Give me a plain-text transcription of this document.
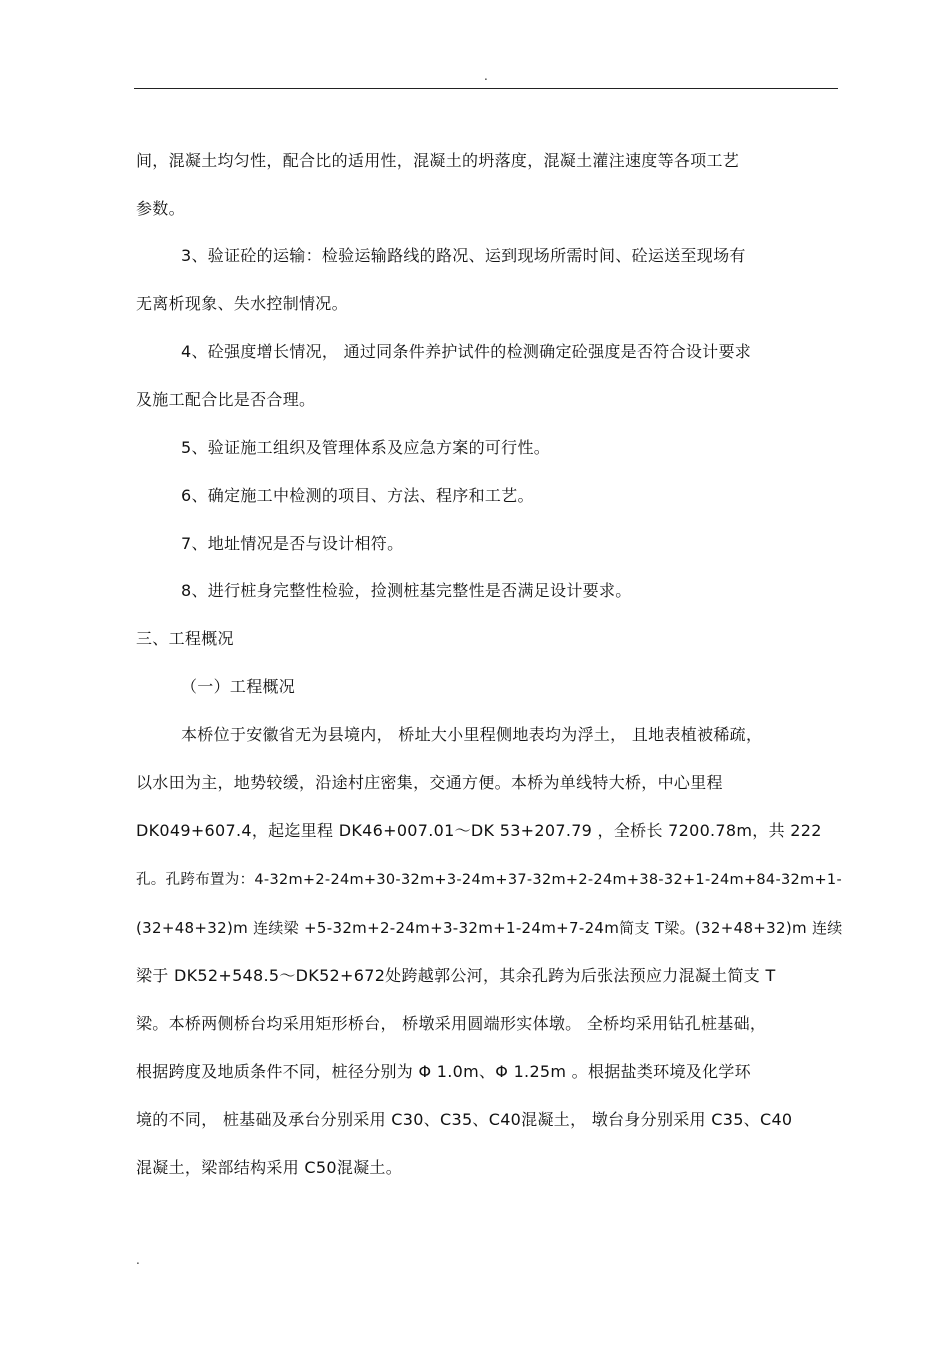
.
间，混凝土均匀性，配合比的适用性，混凝土的坍落度，混凝土灌注速度等各项工艺
参数。
3、验证砼的运输：检验运输路线的路况、运到现场所需时间、砼运送至现场有
无离析现象、失水控制情况。
4、砼强度增长情况， 通过同条件养护试件的检测确定砼强度是否符合设计要求
及施工配合比是否合理。
5、验证施工组织及管理体系及应急方案的可行性。
6、确定施工中检测的项目、方法、程序和工艺。
7、地址情况是否与设计相符。
8、进行桩身完整性检验，捡测桩基完整性是否满足设计要求。
三、工程概况
（一）工程概况
本桥位于安徽省无为县境内， 桥址大小里程侧地表均为浮土， 且地表植被稀疏，
以水田为主，地势较缓，沿途村庄密集，交通方便。本桥为单线特大桥，中心里程
DK049+607.4，起迄里程 DK46+007.01～DK 53+207.79 ，全桥长 7200.78m，共 222
孔。孔跨布置为：4-32m+2-24m+30-32m+3-24m+37-32m+2-24m+38-32+1-24m+84-32m+1-
(32+48+32)m 连续梁 +5-32m+2-24m+3-32m+1-24m+7-24m简支 T梁。(32+48+32)m 连续
梁于 DK52+548.5～DK52+672处跨越郭公河，其余孔跨为后张法预应力混凝土简支 T
梁。本桥两侧桥台均采用矩形桥台， 桥墩采用圆端形实体墩。 全桥均采用钻孔桩基础，
根据跨度及地质条件不同，桩径分别为 Φ 1.0m、Φ 1.25m 。根据盐类环境及化学环
境的不同， 桩基础及承台分别采用 C30、C35、C40混凝土， 墩台身分别采用 C35、C40
混凝土，梁部结构采用 C50混凝土。
.
